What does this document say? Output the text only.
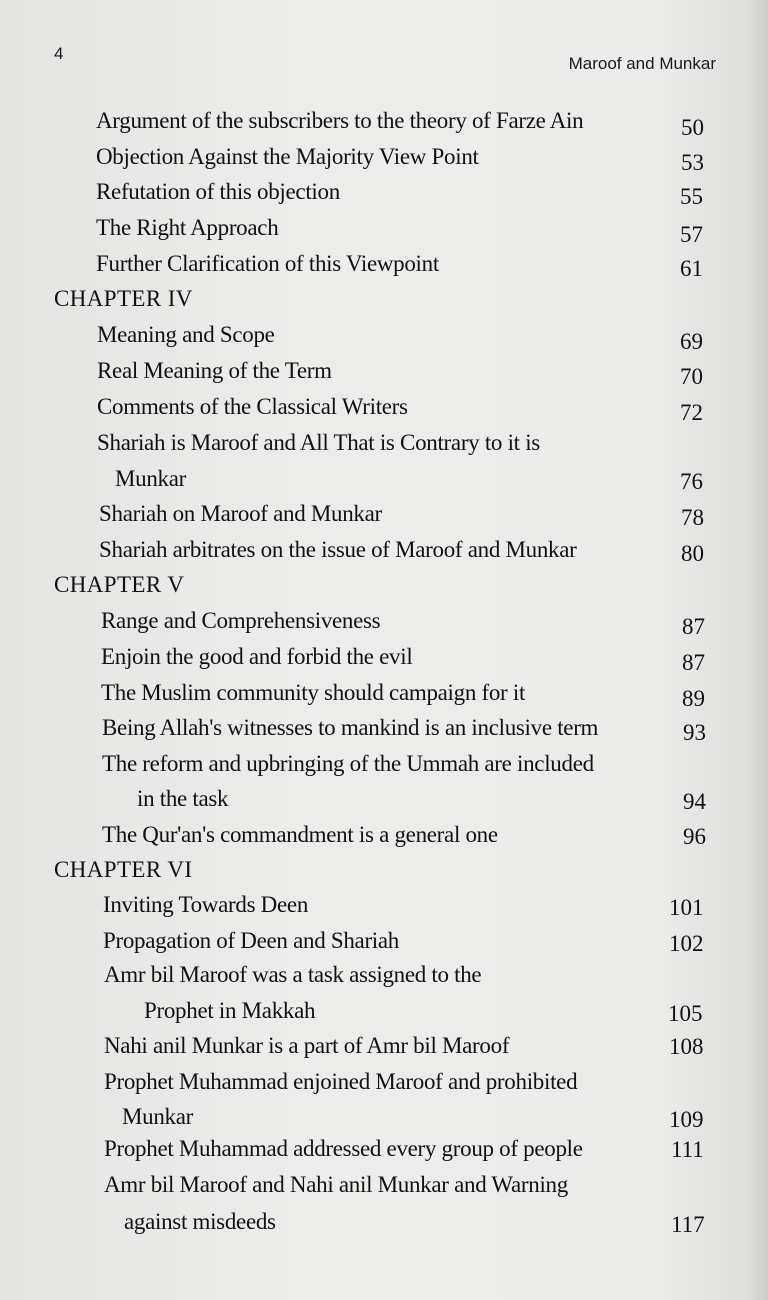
4
Maroof and Munkar
Argument of the subscribers to the theory of Farze Ain	50
Objection Against the Majority View Point	53
Refutation of this objection	55
The Right Approach	57
Further Clarification of this Viewpoint	61
CHAPTER IV
Meaning and Scope	69
Real Meaning of the Term	70
Comments of the Classical Writers	72
Shariah is Maroof and All That is Contrary to it is
Munkar	76
Shariah on Maroof and Munkar	78
Shariah arbitrates on the issue of Maroof and Munkar	80
CHAPTER V
Range and Comprehensiveness	87
Enjoin the good and forbid the evil	87
The Muslim community should campaign for it	89
Being Allah's witnesses to mankind is an inclusive term	93
The reform and upbringing of the Ummah are included
in the task	94
The Qur'an's commandment is a general one	96
CHAPTER VI
Inviting Towards Deen	101
Propagation of Deen and Shariah	102
Amr bil Maroof was a task assigned to the
Prophet in Makkah	105
Nahi anil Munkar is a part of Amr bil Maroof	108
Prophet Muhammad enjoined Maroof and prohibited
Munkar	109
Prophet Muhammad addressed every group of people	111
Amr bil Maroof and Nahi anil Munkar and Warning
against misdeeds	117
